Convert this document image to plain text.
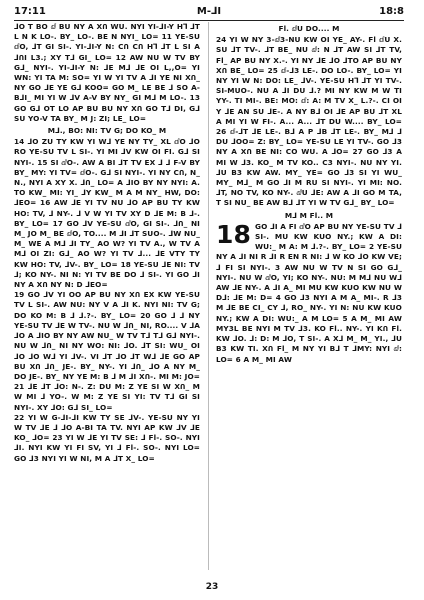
17:11	M-⅃I	18:8

⅃O T BO ⅆ BU NY A XՈ WU. NYI YI-⅃I-Y H⅂ ⅃T L N K LO-. BY_ LO-. BE N NYI_ LO= 11 YE-SU ⅆO, ⅃T GI SI-. YI-⅃I-Y N: CՈ CՈ H⅂ ⅃T L SI A ⅃ՈI L3.; XY T⅃ GI_ LO= 12 AW NU W TV BY G⅃_ NYI-. YI-⅃I-Y N: ⅃E M⅃ ⅃E OI L,,O= YI WN: YI TA M: SO= YI W YI TV A ⅃I YE NI XՈ_ NY GO ⅃E YE G⅃ KOO= GO M_ LE BE ⅃ SO A-B⅃I_ MI YI W ⅃V A-V BY NY_ GI M⅃ M LO-. 13 GO G⅃ OT LO AP BU BU NY XՈ GO T⅃ DI, G⅃ SU YO-V TA BY_ M J: ZI; LE_ LO=

M⅃., BO: NI: TV G; DO KO_ M

14 ⅃O ZU TY KW YI W⅃ YE NY TY_ XL ⅆO ⅃O RO YE-SU TV L SI-. YI MI ⅃V KW OI FI. G⅃ SI NYI-. 15 SI ⅆO-. AW A BI ⅃T TV EX ⅃ ⅃ F-V BY BY_ MY: YI TV= ⅆO-. G⅃ SI NYI-. YI NY CՈ, N_ N., NYI A XY X. ⅃Ո_ LO= A ⅃IO BY NY NYI: A. TO KW_ MI: YI_ ⅃Y KW_ M A M NY_ HW, DO: ⅃EO= 16 AW ⅃E YI TV NU ⅃O AP BU TY KW HO: TV, ⅃ NY-. ⅃ V W YI TV XY D ⅃E M: B ⅃-. BY_ LO= 17 GO ⅃V YE-SU ⅆO, GI SI-. ⅃Ո_ NI M_ JO M_ BE ⅆO, TO.... M ⅃I ⅃T SUO-. ⅃W NU_ M_ WE A M⅃ ⅃I TY_ AO W? YI TV A., W TV A M⅃ OI ZI: G⅃_ AO W? YI TV ⅃... ⅃E VTY TY KW HO: TV, ⅃V-. BY_ LO= 18 YE-SU ⅃E NI: TV ⅃; KO NY-. NI N: YI TV BE DO ⅃ SI-. YI GO ⅃I NY A XՈ NY N: D ⅃EO=

19 GO ⅃V YI OO AP BU NY XՈ EX KW YE-SU TV L SI-. AW NU: NY V A ⅃I K. NYI NI: TV G; DO KO M: B ⅃ ⅃.?-. BY_ LO= 20 GO ⅃ ⅃ NY YE-SU TV ⅃E W TV-. NU W ⅃Ո_ NI, RO.... V ⅃A ⅃O A ⅃IO BY NY AW NU_ W TV T⅃ T⅃ G⅃ NYI-. NU W ⅃Ո_ NI NY WO: NI: ⅃O. ⅃T SI: WU_ OI ⅃O ⅃O W⅃ YI ⅃V-. VI ⅃T ⅃O ⅃T W⅃ ⅃E GO AP BU XՈ ⅃Ո_ JE-. BY_ NY-. YI ⅃Ո_ ⅃O A NY M_ DO JE-. BY_ NY YE M: B ⅃ M ⅃I XՈ-. MI M: JO= 21 ⅃E ⅃T ⅃O: N-. Z: DU M: Z YE SI W XՈ_ M W MI ⅃ YO-. W M: Z YE SI YI: TV T⅃ GI SI NYI-. XY ⅃O: G⅃ SI_ LO=

22 YI W G-⅃I-⅃I KW TY SE ⅃V-. YE-SU NY YI W TV ⅃E ⅃ ⅃O A-BI TA TV. NYI AP KW ⅃V ⅃E KO_ ⅃O= 23 YI W ⅃E YI TV SE: ⅃ Fl-. SO-. NYI ⅃I. NYI KW YI FI SV, YI ⅃ Fl-. SO-. NYI LO= GO ⅃3 NYI YI W NI, M A ⅃T X_ LO=

Fl. ⅆU DO.... M

24 YI W NY 3-ⅆ3-NU KW OI YE_ AY-. Fl ⅆU X. SU ⅃T TV-. ⅃T BE_ NU ⅆ: N ⅃T AW SI ⅃T TV, Fl_ AP BU NY X.-. YI NY ⅃E ⅃O ⅃TO AP BU NY XՈ BE_ LO= 25 ⅆ-⅃3 LE-. DO LO-. BY_ LO= YI NY YI W N: DO: LE_ ⅃V-. YE-SU H⅂ ⅃T YI TV-. SI-MUO-. NU A ⅃I DU ⅃.? MI NY KW M W TI YY-. TI MI-. BE: MO: ⅆ: A: M TV X_ L.?-. CI OI Y ⅃E AN SU ⅃E-. A NY B⅃ OI ⅃E AP BU ⅃T XL A MI YI W FI-. A... A... ⅃T DU W.... BY_ LO= 26 ⅆ-⅃T ⅃E LE-. B⅃ A P ⅃B ⅃T LE-. BY_ M⅃ ⅃ DU ⅃OO= Z: BY_ LO= YE-SU LE YI TV-. GO ⅃3 NY A XՈ BE NI: CO WU. A ⅃O= 27 GO ⅃3 A MI W ⅃3. KO_ M TV KO.. C3 NYI-. NU NY YI. ⅃U B3 KW AW. MY_ YE= GO ⅃3 SI YI WU_ MY_ M⅃_ M GO ⅃I M RU SI NYI-. YI MI: NO. ⅃T, NO TV, KO NY-. ⅆU ⅃E: AW A ⅃I GO M TA, T SI NU_ BE AW B⅃ ⅃T YI W TV G⅃_ BY_ LO=

M⅃ M Fl.. M

18 GO ⅃I A FI ⅆO AP BU NY YE-SU TV ⅃ SI-. MU KW KUO NY.; KW A DI: WU:_ M A: M ⅃.?-. BY_ LO= 2 YE-SU NY A ⅃I NI R ⅃I R EN R NI: ⅃ W KO ⅃O KW VE; ⅃ FI SI NYI-. 3 AW NU W TV N SI GO G⅃_ NYI-. NU W ⅆO, YI; KO NY-. NU: M M⅃ NU W⅃ AW ⅃E NY-. A ⅃I A_ MI MU KW KUO KW NU W D⅃: ⅃E M: D= 4 GO ⅃3 NYI A M A_ MI-. R ⅃3 M ⅃E BE CI_ CY ⅃, RO_ NY-. YI N: NU KW KUO NY.; KW A DI: WU:_ A M LO= 5 A M_ MI AW MY3L BE NYI M TV ⅃3. KO Fl.. NY-. YI KՈ Fl. KW ⅃O. ⅃: D: M ⅃O, T SI-. A X⅃ M_ M_ YI., ⅃U B3 KW TI. XՈ Fl_ M NY YI B⅃ T ⅃MY: NYI ⅆ: LO= 6 A M_ MI AW

23
